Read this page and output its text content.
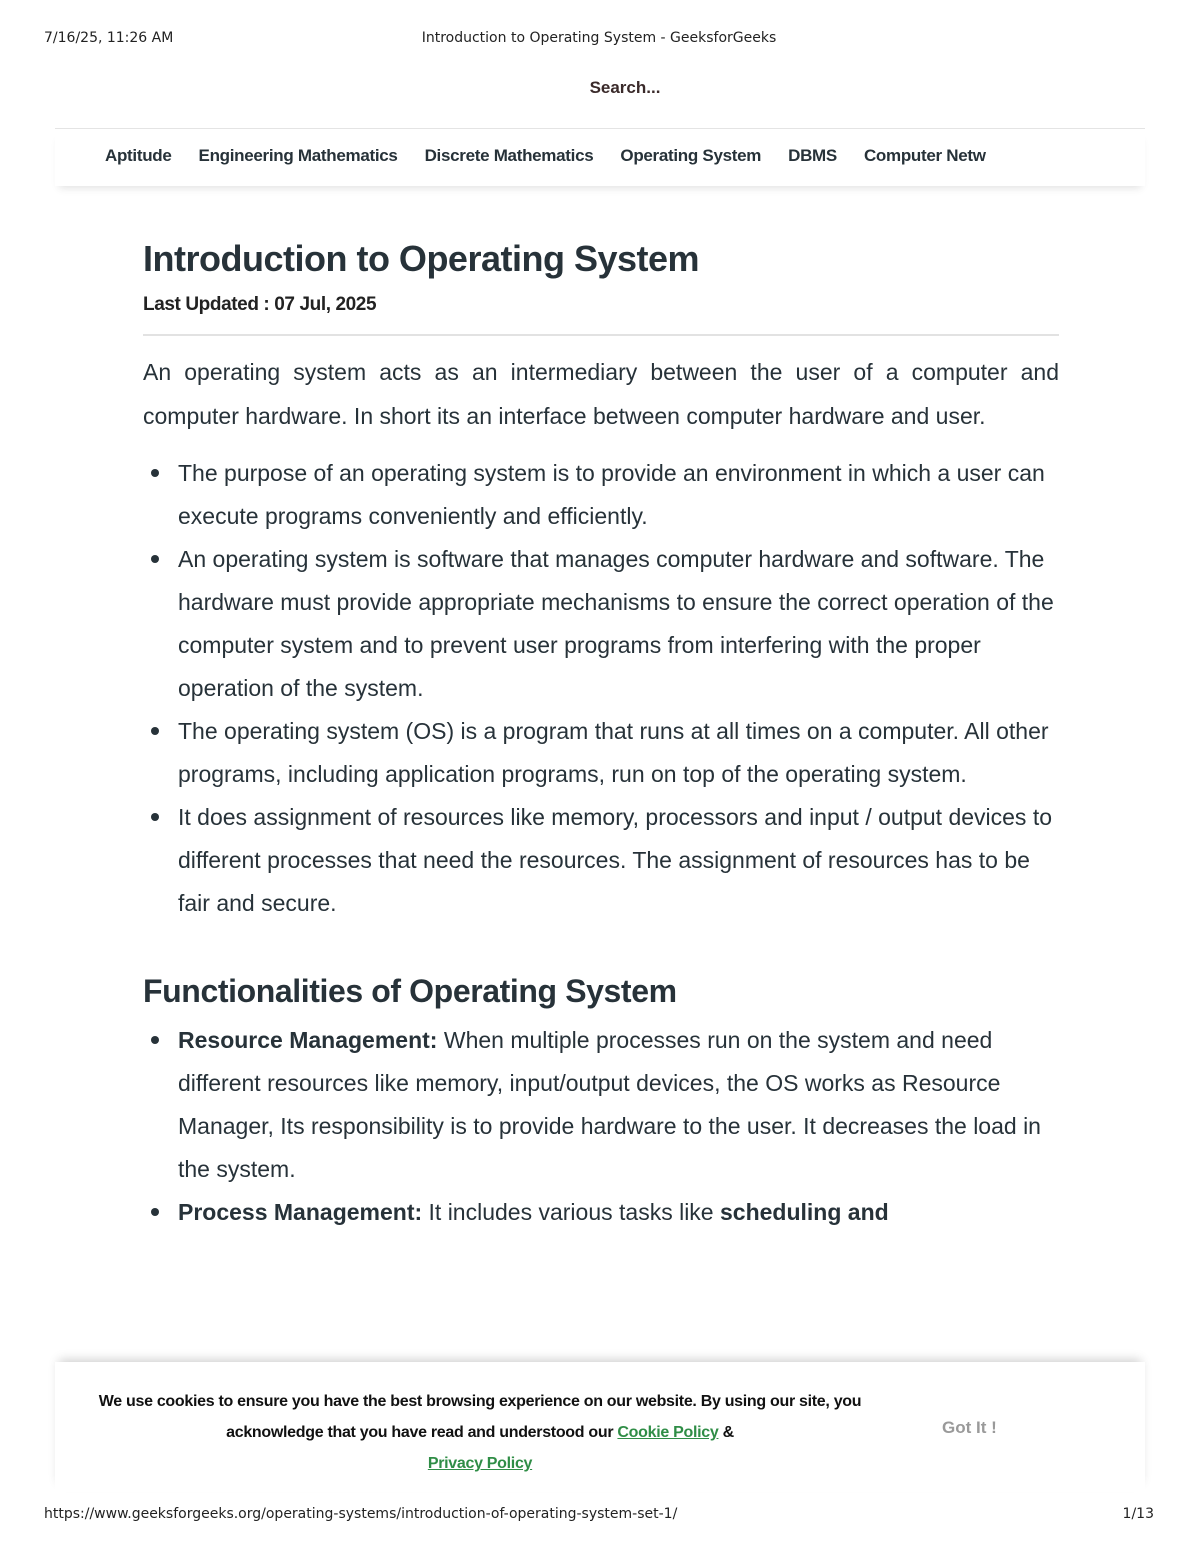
7/16/25, 11:26 AM	Introduction to Operating System - GeeksforGeeks
Search...
Aptitude Engineering Mathematics Discrete Mathematics Operating System DBMS Computer Netw
Introduction to Operating System
Last Updated : 07 Jul, 2025

An operating system acts as an intermediary between the user of a computer and computer hardware. In short its an interface between computer hardware and user.

The purpose of an operating system is to provide an environment in which a user can execute programs conveniently and efficiently.
An operating system is software that manages computer hardware and software. The hardware must provide appropriate mechanisms to ensure the correct operation of the computer system and to prevent user programs from interfering with the proper operation of the system.
The operating system (OS) is a program that runs at all times on a computer. All other programs, including application programs, run on top of the operating system.
It does assignment of resources like memory, processors and input / output devices to different processes that need the resources. The assignment of resources has to be fair and secure.
Functionalities of Operating System
Resource Management: When multiple processes run on the system and need different resources like memory, input/output devices, the OS works as Resource Manager, Its responsibility is to provide hardware to the user. It decreases the load in the system.
Process Management: It includes various tasks like scheduling and
We use cookies to ensure you have the best browsing experience on our website. By using our site, you acknowledge that you have read and understood our Cookie Policy &
Privacy Policy
Got It !
https://www.geeksforgeeks.org/operating-systems/introduction-of-operating-system-set-1/	1/13
